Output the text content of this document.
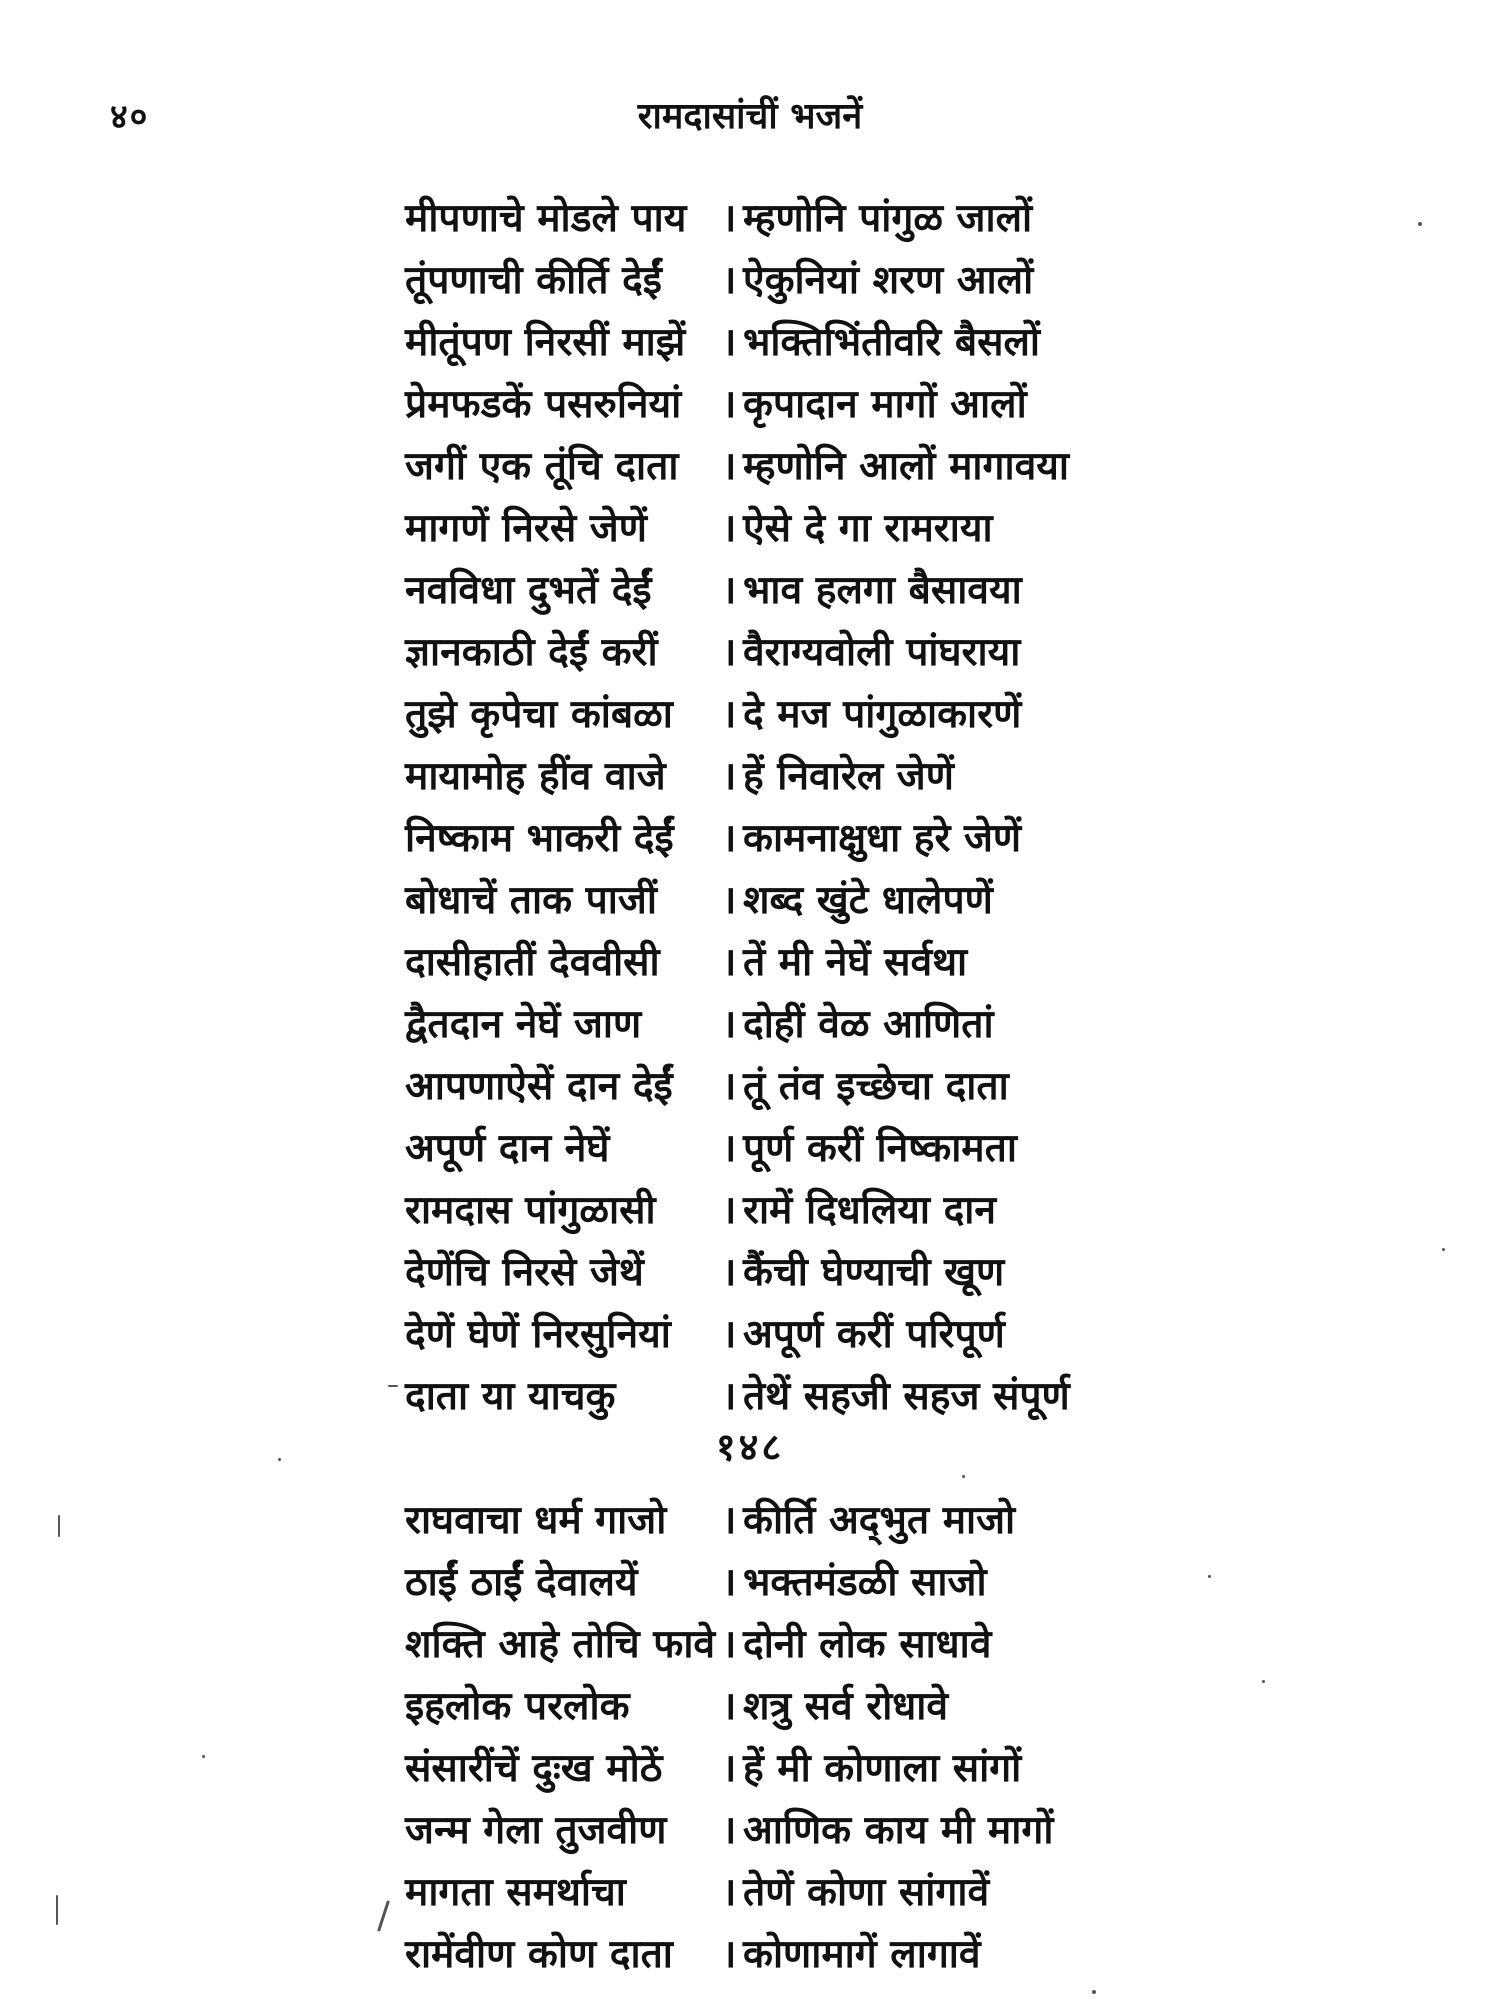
४०	रामदासांचीं भजनें
मीपणाचे मोडले पाय । म्हणोनि पांगुळ जालों
तूंपणाची कीर्ति देईं । ऐकुनियां शरण आलों
मीतूंपण निरसीं माझें । भक्तिभिंतीवरि बैसलों
प्रेमफडकें पसरुनियां । कृपादान मागों आलों
जगीं एक तूंचि दाता । म्हणोनि आलों मागावया
मागणें निरसे जेणें । ऐसे दे गा रामराया
नवविधा दुभतें देईं । भाव हलगा बैसावया
ज्ञानकाठी देईं करीं । वैराग्यवोली पांघराया
तुझे कृपेचा कांबळा । दे मज पांगुळाकारणें
मायामोह हींव वाजे । हें निवारेल जेणें
निष्काम भाकरी देईं । कामनाक्षुधा हरे जेणें
बोधाचें ताक पाजीं । शब्द खुंटे धालेपणें
दासीहातीं देववीसी । तें मी नेघें सर्वथा
द्वैतदान नेघें जाण । दोहीं वेळ आणितां
आपणाऐसें दान देईं । तूं तंव इच्छेचा दाता
अपूर्ण दान नेघें	। पूर्ण करीं निष्कामता
रामदास पांगुळासी । रामें दिधलिया दान
देणेंचि निरसे जेथें । कैंची घेण्याची खूण
देणें घेणें निरसुनियां । अपूर्ण करीं परिपूर्ण
दाता या याचकु	। तेथें सहजी सहज संपूर्ण
१४८
राघवाचा धर्म गाजो । कीर्ति अद्‌भुत माजो
ठाईं ठाईं देवालयें । भक्तमंडळी साजो
शक्ति आहे तोचि फावे । दोनी लोक साधावे
इहलोक परलोक । शत्रु सर्व रोधावे
संसारींचें दुःख मोठें । हें मी कोणाला सांगों
जन्म गेला तुजवीण । आणिक काय मी मागों
मागता समर्थाचा । तेणें कोणा सांगावें
रामेंवीण कोण दाता । कोणामागें लागावें
